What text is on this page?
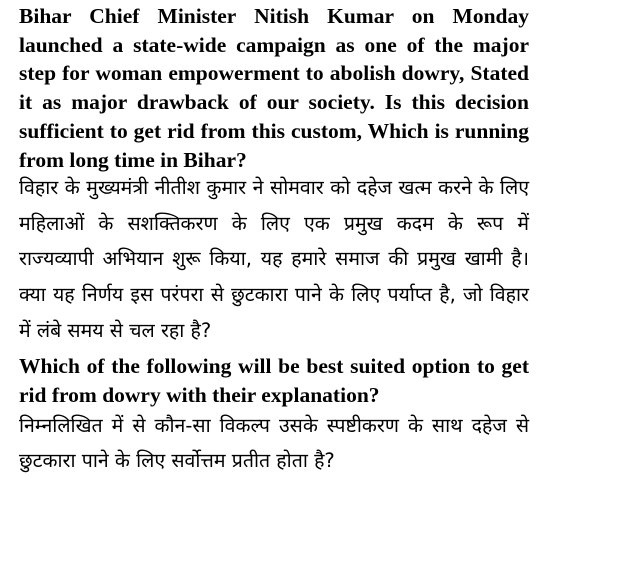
Bihar Chief Minister Nitish Kumar on Monday launched a state-wide campaign as one of the major step for woman empowerment to abolish dowry, Stated it as major drawback of our society. Is this decision sufficient to get rid from this custom, Which is running from long time in Bihar?

विहार के मुख्यमंत्री नीतीश कुमार ने सोमवार को दहेज खत्म करने के लिए महिलाओं के सशक्तिकरण के लिए एक प्रमुख कदम के रूप में राज्यव्यापी अभियान शुरू किया, यह हमारे समाज की प्रमुख खामी है। क्या यह निर्णय इस परंपरा से छुटकारा पाने के लिए पर्याप्त है, जो विहार में लंबे समय से चल रहा है?

Which of the following will be best suited option to get rid from dowry with their explanation?

निम्नलिखित में से कौन-सा विकल्प उसके स्पष्टीकरण के साथ दहेज से छुटकारा पाने के लिए सर्वोत्तम प्रतीत होता है?
